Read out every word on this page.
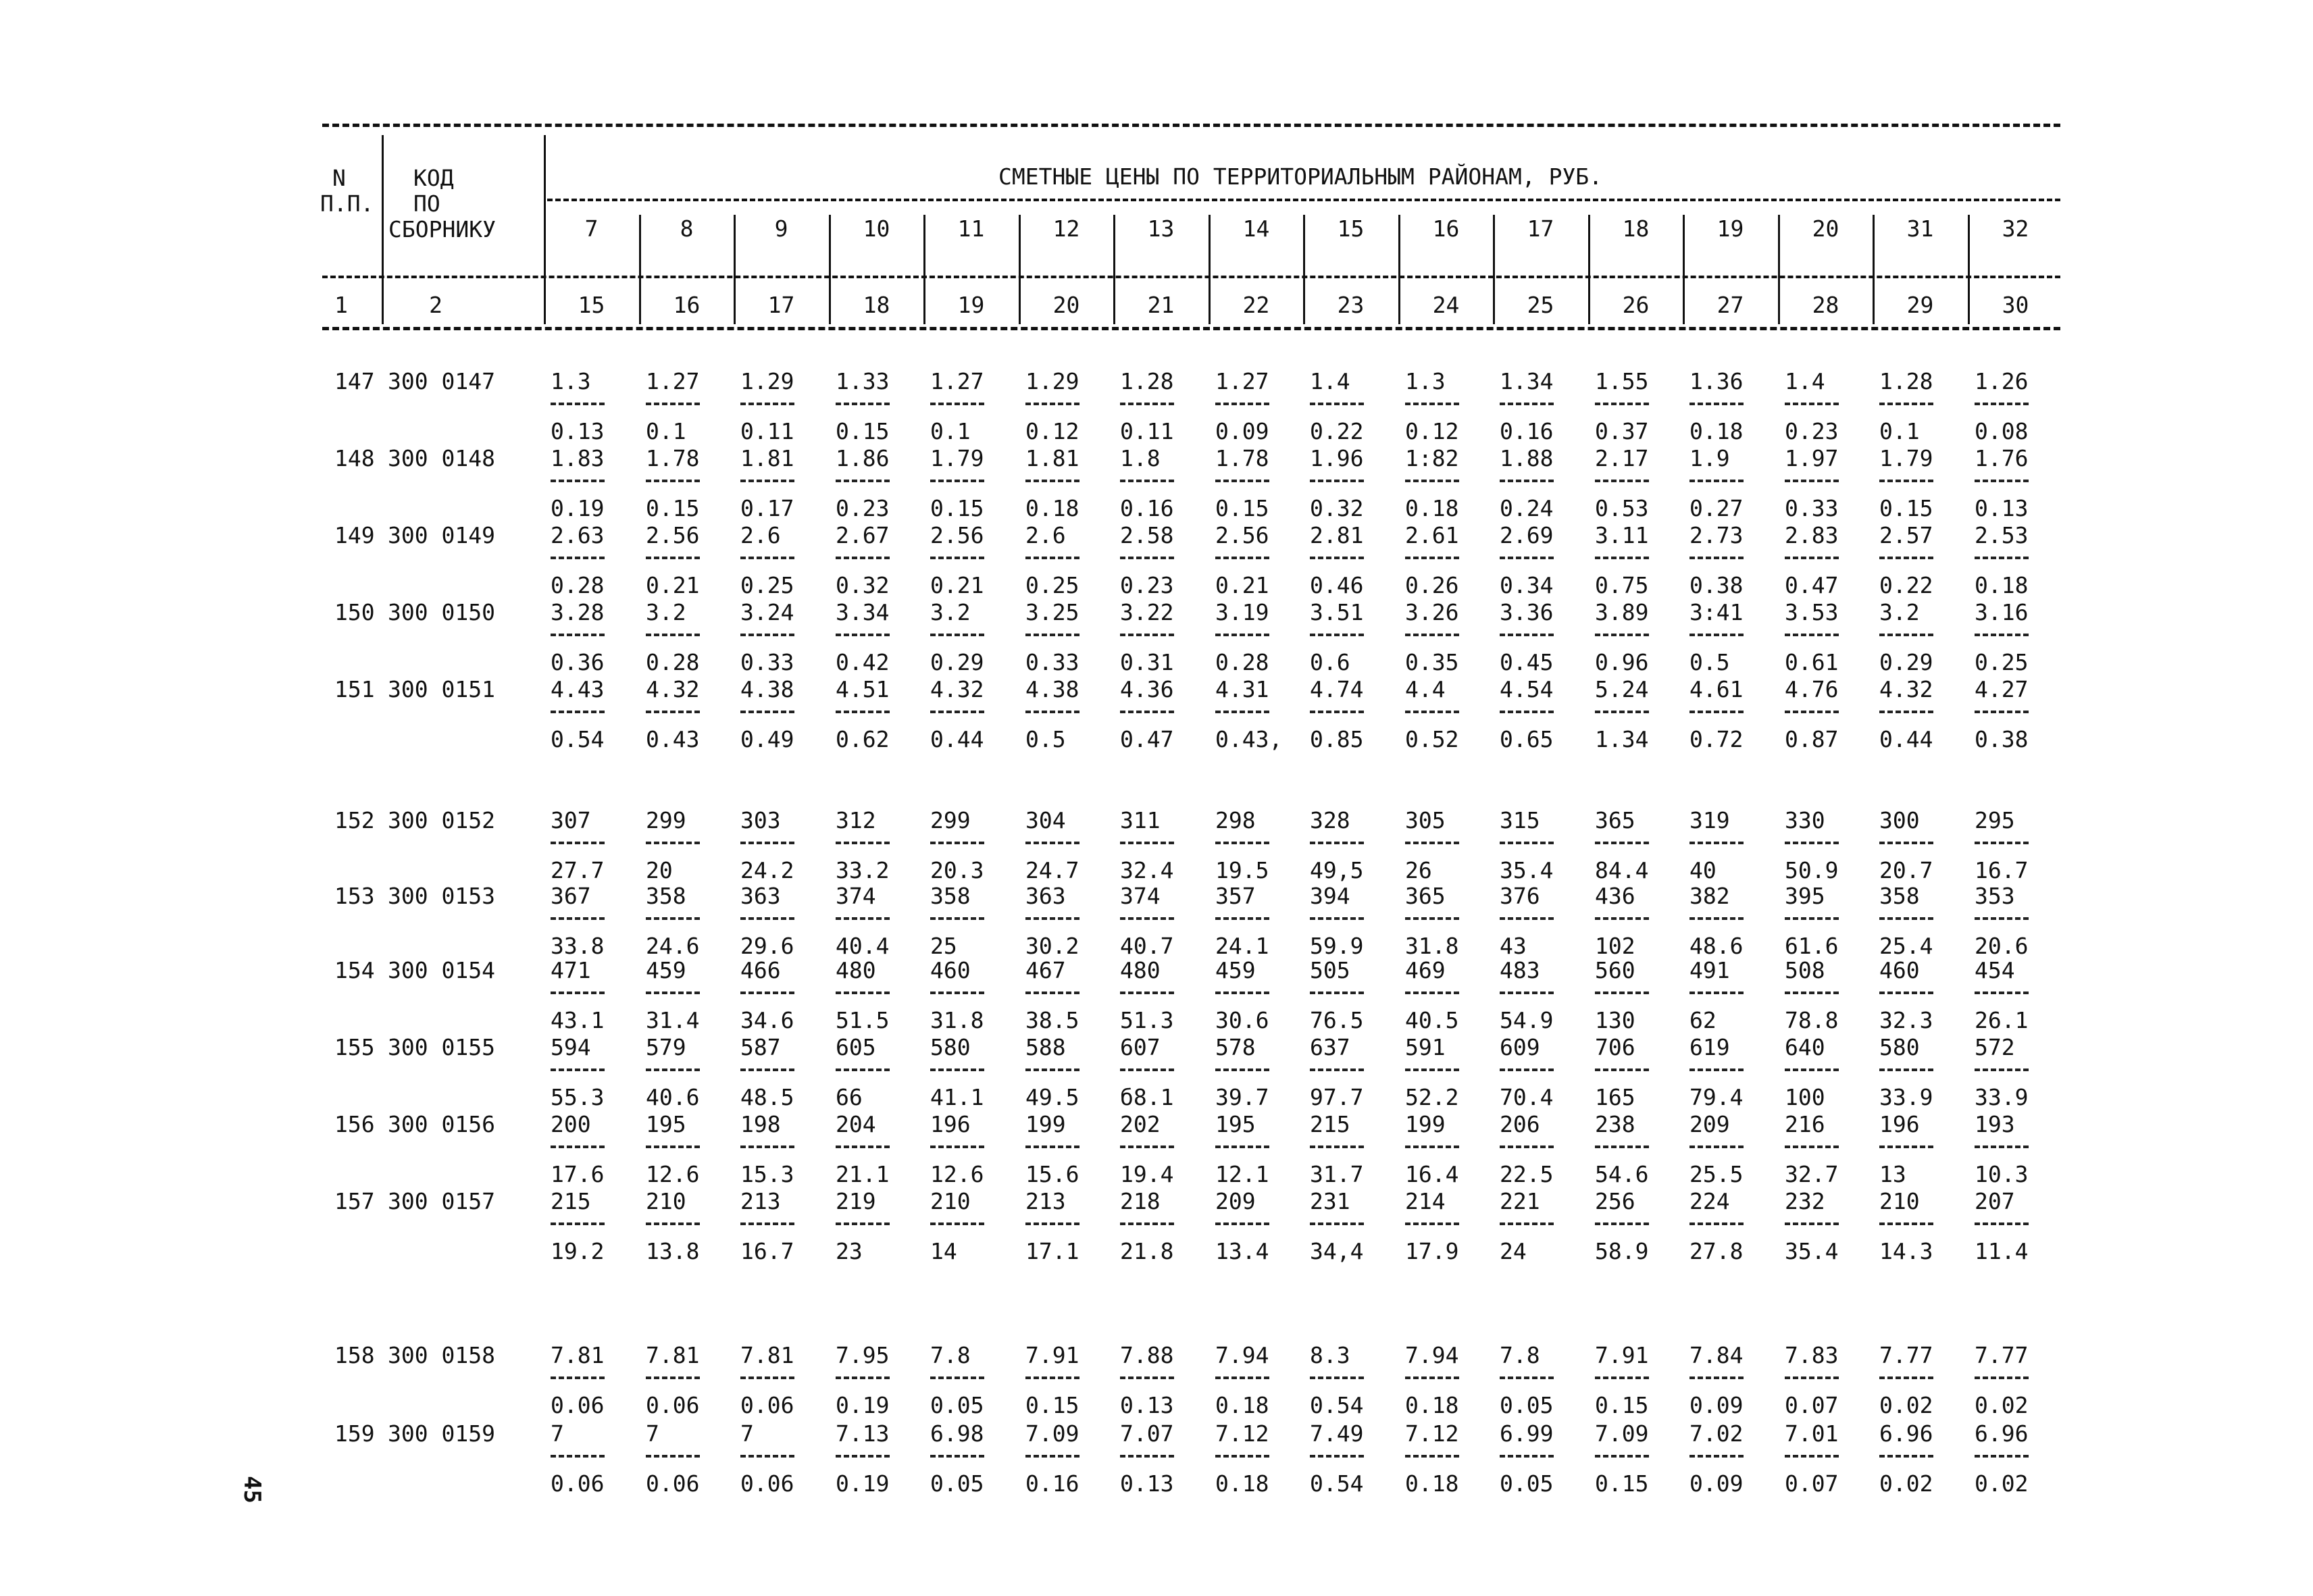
N
П.П.
КОД
ПО
СБОРНИКУ
СМЕТНЫЕ ЦЕНЫ ПО ТЕРРИТОРИАЛЬНЫМ РАЙОНАМ, РУБ.
1	2
45
7
15
8
16
9
17
10
18
11
19
12
20
13
21
14
22
15
23
16
24
17
25
18
26
19
27
20
28
31
29
32
30
147 300 0147 1.3
0.13
1.27
0.1
1.29
0.11
1.33
0.15
1.27
0.1
1.29
0.12
1.28
0.11
1.27
0.09
1.4
0.22
1.3
0.12
1.34
0.16
1.55
0.37
1.36
0.18
1.4
0.23
1.28
0.1
1.26
0.08
148 300 0148 1.83
0.19
1.78
0.15
1.81
0.17
1.86
0.23
1.79
0.15
1.81
0.18
1.8
0.16
1.78
0.15
1.96
0.32
1:82
0.18
1.88
0.24
2.17
0.53
1.9
0.27
1.97
0.33
1.79
0.15
1.76
0.13
149 300 0149 2.63
0.28
2.56
0.21
2.6
0.25
2.67
0.32
2.56
0.21
2.6
0.25
2.58
0.23
2.56
0.21
2.81
0.46
2.61
0.26
2.69
0.34
3.11
0.75
2.73
0.38
2.83
0.47
2.57
0.22
2.53
0.18
150 300 0150 3.28
0.36
3.2
0.28
3.24
0.33
3.34
0.42
3.2
0.29
3.25
0.33
3.22
0.31
3.19
0.28
3.51
0.6
3.26
0.35
3.36
0.45
3.89
0.96
3:41
0.5
3.53
0.61
3.2
0.29
3.16
0.25
151 300 0151 4.43
0.54
4.32
0.43
4.38
0.49
4.51
0.62
4.32
0.44
4.38
0.5
4.36
0.47
4.31
0.43,
4.74
0.85
4.4
0.52
4.54
0.65
5.24
1.34
4.61
0.72
4.76
0.87
4.32
0.44
4.27
0.38
152 300 0152 307
27.7
299
20
303
24.2
312
33.2
299
20.3
304
24.7
311
32.4
298
19.5
328
49,5
305
26
315
35.4
365
84.4
319
40
330
50.9
300
20.7
295
16.7
153 300 0153 367
33.8
358
24.6
363
29.6
374
40.4
358
25
363
30.2
374
40.7
357
24.1
394
59.9
365
31.8
376
43
436
102
382
48.6
395
61.6
358
25.4
353
20.6
154 300 0154 471
43.1
459
31.4
466
34.6
480
51.5
460
31.8
467
38.5
480
51.3
459
30.6
505
76.5
469
40.5
483
54.9
560
130
491
62
508
78.8
460
32.3
454
26.1
155 300 0155 594
55.3
579
40.6
587
48.5
605
66
580
41.1
588
49.5
607
б8.1
578
39.7
637
97.7
591
52.2
609
70.4
706
165
619
79.4
640
100
580
33.9
572
33.9
156 300 0156 200
17.6
195
12.6
198
15.3
204
21.1
196
12.6
199
15.6
202
19.4
195
12.1
215
31.7
199
16.4
206
22.5
238
54.6
209
25.5
216
32.7
196
13
193
10.3
157 300 0157 215
19.2
210
13.8
213
16.7
219
23
210
14
213
17.1
218
21.8
209
13.4
231
34,4
214
17.9
221
24
256
58.9
224
27.8
232
35.4
210
14.3
207
11.4
158 300 0158 7.81
0.06
7.81
0.06
7.81
0.06
7.95
0.19
7.8
0.05
7.91
0.15
7.88
0.13
7.94
0.18
8.3
0.54
7.94
0.18
7.8
0.05
7.91
0.15
7.84
0.09
7.83
0.07
7.77
0.02
7.77
0.02
159 300 0159 7
0.06
7
0.06
7
0.06
7.13
0.19
6.98
0.05
7.09
0.16
7.07
0.13
7.12
0.18
7.49
0.54
7.12
0.18
6.99
0.05
7.09
0.15
7.02
0.09
7.01
0.07
6.96
0.02
6.96
0.02
